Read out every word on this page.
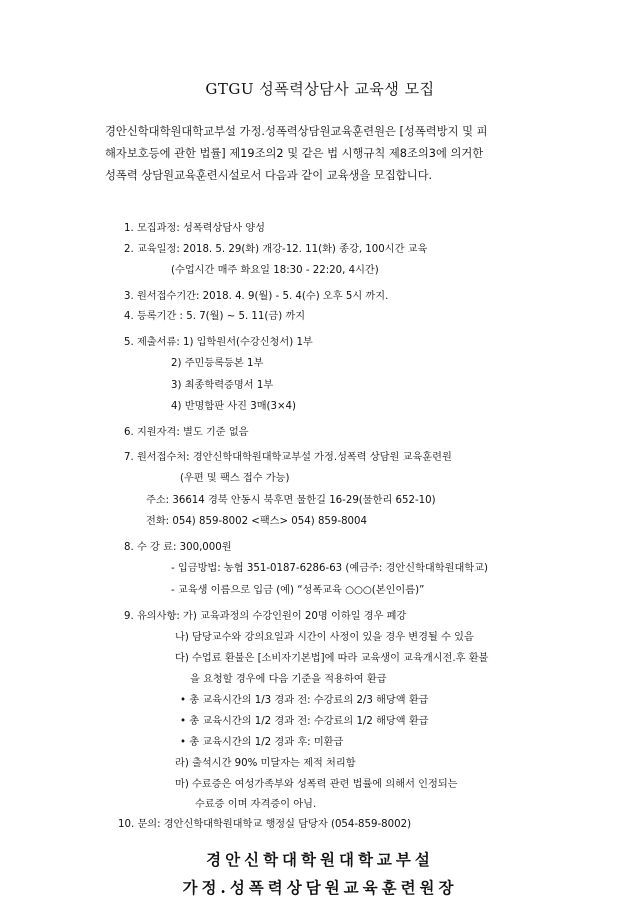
GTGU 성폭력상담사 교육생 모집
경안신학대학원대학교부설 가정.성폭력상담원교육훈련원은 [성폭력방지 및 피
해자보호등에 관한 법률] 제19조의2 및 같은 법 시행규칙 제8조의3에 의거한
성폭력 상담원교육훈련시설로서 다음과 같이 교육생을 모집합니다.
1. 모집과정: 성폭력상담사 양성
2. 교육일정: 2018. 5. 29(화) 개강-12. 11(화) 종강, 100시간 교육
(수업시간 매주 화요일 18:30 - 22:20, 4시간)
3. 원서접수기간: 2018. 4. 9(월) - 5. 4(수) 오후 5시 까지.
4. 등록기간 : 5. 7(월) ~ 5. 11(금) 까지
5. 제출서류: 1) 입학원서(수강신청서) 1부
2) 주민등록등본 1부
3) 최종학력증명서 1부
4) 반명함판 사진 3매(3×4)
6. 지원자격: 별도 기준 없음
7. 원서접수처: 경안신학대학원대학교부설 가정.성폭력 상담원 교육훈련원
(우편 및 팩스 접수 가능)
주소: 36614 경북 안동시 북후면 물한길 16-29(물한리 652-10)
전화: 054) 859-8002 <팩스> 054) 859-8004
8. 수 강 료: 300,000원
- 입금방법: 농협 351-0187-6286-63 (예금주: 경안신학대학원대학교)
- 교육생 이름으로 입금 (예) “성폭교육 ○○○(본인이름)”
9. 유의사항: 가) 교육과정의 수강인원이 20명 이하일 경우 폐강
나) 담당교수와 강의요일과 시간이 사정이 있을 경우 변경될 수 있음
다) 수업료 환불은 [소비자기본법]에 따라 교육생이 교육개시전.후 환불
을 요청할 경우에 다음 기준을 적용하여 환급
• 총 교육시간의 1/3 경과 전: 수강료의 2/3 해당액 환급
• 총 교육시간의 1/2 경과 전: 수강료의 1/2 해당액 환급
• 총 교육시간의 1/2 경과 후: 미환급
라) 출석시간 90% 미달자는 제적 처리함
마) 수료증은 여성가족부와 성폭력 관련 법률에 의해서 인정되는
수료증 이며 자격증이 아님.
10. 문의: 경안신학대학원대학교 행정실 담당자 (054-859-8002)
경안신학대학원대학교부설
가정.성폭력상담원교육훈련원장
